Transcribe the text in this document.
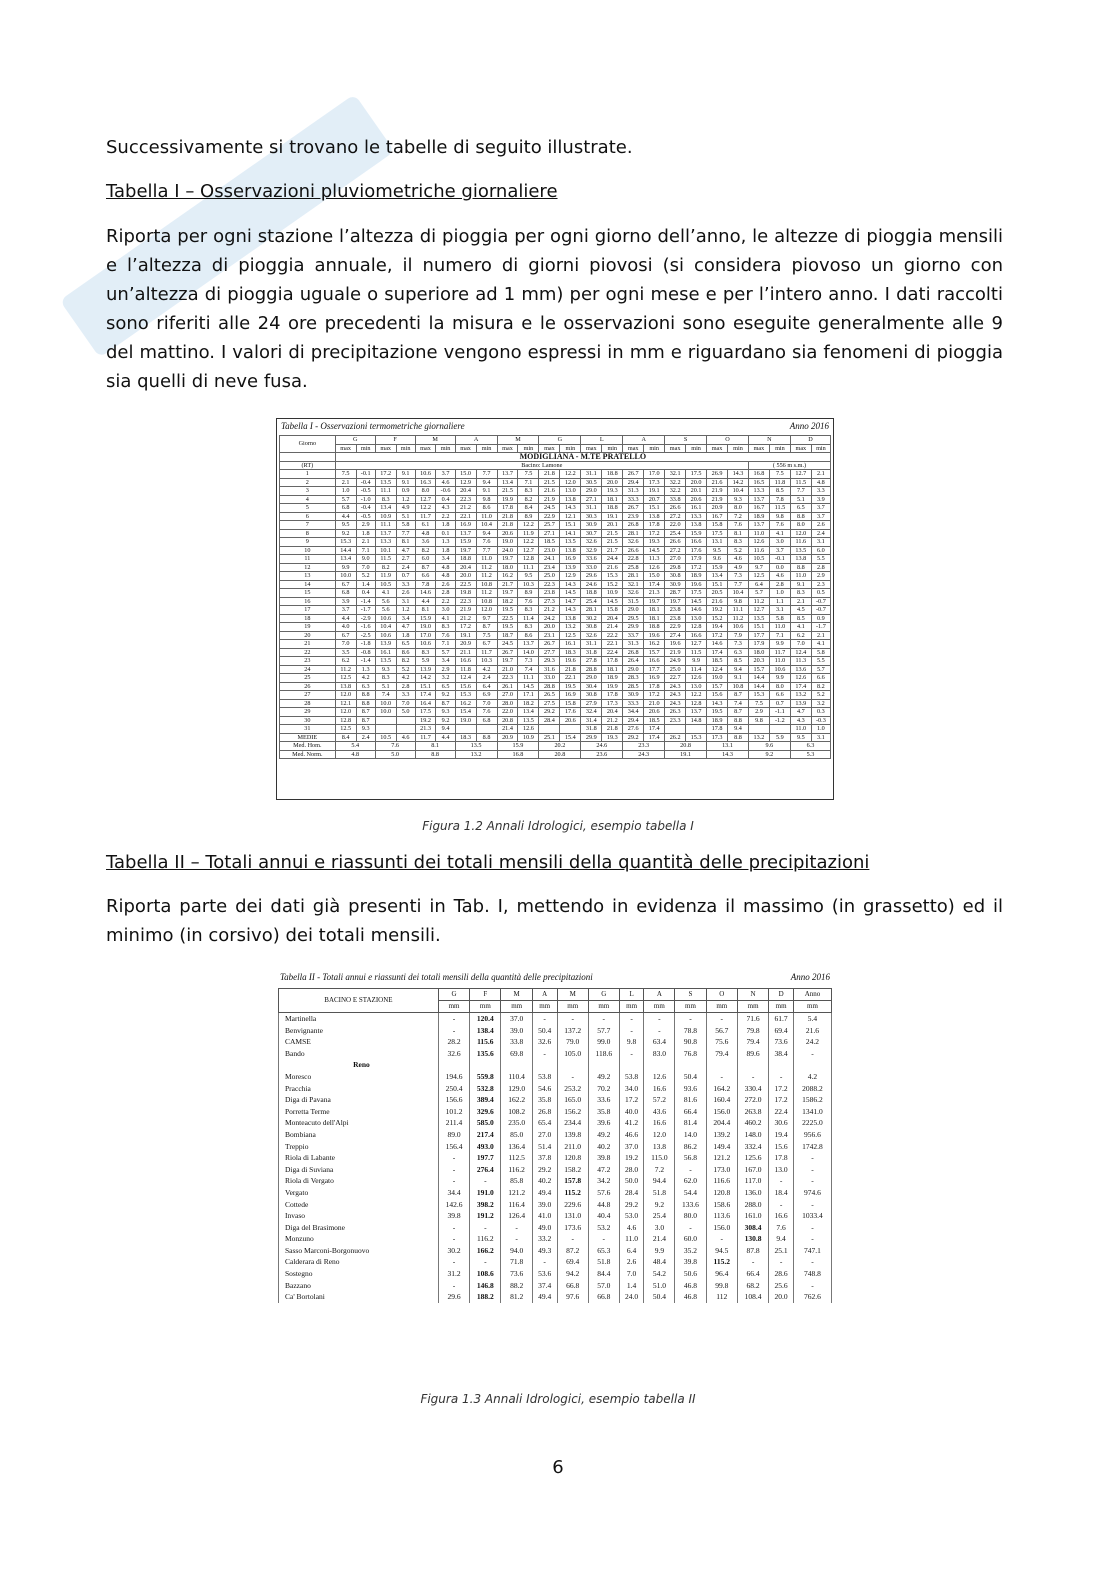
Successivamente si trovano le tabelle di seguito illustrate.
Tabella I – Osservazioni pluviometriche giornaliere
Riporta per ogni stazione l’altezza di pioggia per ogni giorno dell’anno, le altezze di pioggia mensili e l’altezza di pioggia annuale, il numero di giorni piovosi (si considera piovoso un giorno con un’altezza di pioggia uguale o superiore ad 1 mm) per ogni mese e per l’intero anno. I dati raccolti sono riferiti alle 24 ore precedenti la misura e le osservazioni sono eseguite generalmente alle 9 del mattino. I valori di precipitazione vengono espressi in mm e riguardano sia fenomeni di pioggia sia quelli di neve fusa.
Tabella I - Osservazioni termometriche giornaliere	Anno 2016
Giorno	G		F		M		A		M		G		L		A		S		O		N		D	
	max	min	max	min	max	min	max	min	max	min	max	min	max	min	max	min	max	min	max	min	max	min	max	min
	MODIGLIANA - M.TE PRATELLO																							
(RT)	Bacino: Lamone																				( 556 m s.m.)			
1	7.5	-0.1	17.2	9.1	10.6	3.7	15.0	7.7	13.7	7.5	21.8	12.2	31.1	18.8	26.7	17.0	32.1	17.5	26.9	14.3	16.8	7.5	12.7	2.1
2	2.1	-0.4	13.5	9.1	16.3	4.6	12.9	9.4	13.4	7.1	21.5	12.0	30.5	20.0	29.4	17.3	32.2	20.0	21.6	14.2	16.5	11.8	11.5	4.8
3	1.0	-0.5	11.1	0.9	8.0	-0.6	20.4	9.1	21.5	8.3	21.6	13.0	29.0	19.3	31.3	19.1	32.2	20.1	21.9	10.4	13.3	8.5	7.7	3.3
4	5.7	-1.0	8.3	1.2	12.7	0.4	22.3	9.8	19.9	8.2	21.9	13.8	27.1	18.1	33.3	20.7	33.8	20.6	21.9	9.3	13.7	7.8	5.1	3.9
5	6.8	-0.4	13.4	4.9	12.2	4.3	21.2	8.6	17.8	8.4	24.5	14.3	31.1	18.8	26.7	15.1	26.6	16.1	20.9	8.0	16.7	11.5	6.5	3.7
6	4.4	-0.5	10.9	5.1	11.7	2.2	22.1	11.0	21.8	8.9	22.9	12.1	30.3	19.1	23.9	13.8	27.2	13.3	16.7	7.2	18.9	9.8	8.8	3.7
7	9.5	2.9	11.1	5.8	6.1	1.8	16.9	10.4	21.8	12.2	25.7	15.1	30.9	20.1	26.8	17.8	22.0	13.8	15.8	7.6	13.7	7.6	8.0	2.6
8	9.2	1.8	13.7	7.7	4.8	0.1	13.7	9.4	20.6	11.9	27.1	14.1	30.7	21.5	28.1	17.2	25.4	15.9	17.5	8.1	11.0	4.1	12.0	2.4
9	15.3	2.1	13.3	8.1	3.6	1.3	15.9	7.6	19.0	12.2	18.5	13.5	32.6	21.5	32.6	19.3	26.6	16.6	13.1	8.3	12.6	3.0	11.6	3.1
10	14.4	7.1	10.1	4.7	8.2	1.8	19.7	7.7	24.0	12.7	23.0	13.8	32.9	21.7	26.6	14.5	27.2	17.6	9.5	5.2	11.6	3.7	13.5	6.0
11	13.4	9.0	11.5	2.7	6.0	3.4	18.8	11.0	19.7	12.8	24.1	16.9	33.6	24.4	22.8	11.3	27.0	17.9	9.6	4.6	10.5	-0.1	13.8	5.5
12	9.9	7.0	8.2	2.4	8.7	4.8	20.4	11.2	18.0	11.1	23.4	13.9	33.0	21.6	25.8	12.6	29.8	17.2	15.9	4.9	9.7	0.0	8.8	2.8
13	10.0	5.2	11.9	0.7	6.6	4.8	20.0	11.2	16.2	9.5	25.0	12.9	29.6	15.3	28.1	15.0	30.8	18.9	13.4	7.3	12.5	4.6	11.0	2.9
14	6.7	1.4	10.5	3.3	7.8	2.6	22.5	10.8	21.7	10.3	22.3	14.3	24.6	15.2	32.1	17.4	30.9	19.6	15.1	7.7	6.4	2.8	9.1	2.3
15	6.8	0.4	4.1	2.6	14.6	2.8	19.8	11.2	19.7	8.9	23.8	14.5	18.8	10.9	32.6	21.3	28.7	17.5	20.5	10.4	5.7	1.0	8.3	0.5
16	3.9	-1.4	5.6	3.1	4.4	2.2	22.3	10.8	18.2	7.6	27.3	14.7	25.4	14.5	31.5	19.7	19.7	14.5	21.6	9.8	11.2	1.1	2.1	-0.7
17	3.7	-1.7	5.6	1.2	8.1	3.0	21.9	12.0	19.5	8.3	21.2	14.3	28.1	15.8	29.0	18.1	23.8	14.6	19.2	11.1	12.7	3.1	4.5	-0.7
18	4.4	-2.9	10.6	3.4	15.9	4.1	21.2	9.7	22.5	11.4	24.2	13.8	30.2	20.4	29.5	18.1	23.8	13.0	15.2	11.2	13.5	5.8	8.5	0.9
19	4.0	-1.6	10.4	4.7	19.0	8.3	17.2	8.7	19.5	8.3	20.0	13.2	30.8	21.4	29.9	18.8	22.9	12.8	19.4	10.6	15.1	11.0	4.1	-1.7
20	6.7	-2.5	10.6	1.8	17.0	7.6	19.1	7.5	18.7	8.6	23.1	12.5	32.6	22.2	33.7	19.6	27.4	16.6	17.2	7.9	17.7	7.1	6.2	2.1
21	7.0	-1.8	13.9	6.5	10.6	7.1	20.9	6.7	24.5	13.7	26.7	16.1	31.1	22.1	31.3	16.2	19.6	12.7	14.6	7.3	17.9	9.9	7.0	4.1
22	3.5	-0.8	16.1	8.6	8.3	5.7	21.1	11.7	26.7	14.0	27.7	18.3	31.8	22.4	26.8	15.7	21.9	11.5	17.4	6.3	18.0	11.7	12.4	5.8
23	6.2	-1.4	13.5	8.2	5.9	3.4	16.6	10.3	19.7	7.3	29.3	19.6	27.8	17.8	26.4	16.6	24.9	9.9	18.5	8.5	20.3	11.0	11.3	5.5
24	11.2	1.3	9.3	5.2	13.9	2.9	11.8	4.2	21.0	7.4	31.6	21.8	28.8	18.1	29.0	17.7	25.0	11.4	12.4	9.4	15.7	10.6	13.6	5.7
25	12.5	4.2	8.3	4.2	14.2	3.2	12.4	2.4	22.3	11.1	33.0	22.1	29.0	18.9	28.3	16.9	22.7	12.6	19.0	9.1	14.4	9.9	12.6	6.6
26	13.8	6.3	5.1	2.8	15.1	6.5	15.6	6.4	26.1	14.5	28.8	19.5	30.4	19.9	28.5	17.8	24.3	13.0	15.7	10.8	14.4	8.0	17.4	8.2
27	12.0	8.8	7.4	3.3	17.4	9.2	15.3	6.9	27.0	17.1	26.5	16.9	30.8	17.8	30.9	17.2	24.3	12.2	15.6	8.7	15.3	6.6	13.2	5.2
28	12.1	8.8	10.0	7.0	16.4	8.7	16.2	7.0	28.0	18.2	27.5	15.8	27.9	17.3	33.3	21.0	24.3	12.8	14.3	7.4	7.5	0.7	13.9	3.2
29	12.0	8.7	10.0	5.0	17.5	9.3	15.4	7.6	22.0	13.4	29.2	17.6	32.4	20.4	34.4	20.6	26.3	13.7	19.5	8.7	2.9	-1.1	4.7	0.3
30	12.8	8.7			19.2	9.2	19.0	6.8	20.8	13.5	28.4	20.6	31.4	21.2	29.4	18.5	23.3	14.8	18.9	8.8	9.8	-1.2	4.3	-0.3
31	12.5	9.3			21.3	9.4			21.4	12.6			31.8	21.8	27.6	17.4			17.8	9.4			11.0	1.0
MEDIE	8.4	2.4	10.5	4.6	11.7	4.4	18.3	8.8	20.9	10.9	25.1	15.4	29.9	19.3	29.2	17.4	26.2	15.3	17.3	8.8	13.2	5.9	9.5	3.1
Med. Hom.	5.4		7.6		8.1		13.5		15.9		20.2		24.6		23.3		20.8		13.1		9.6		6.3	
Med. Norm.	4.8		5.0		8.8		13.2		16.8		20.8		23.6		24.3		19.1		14.3		9.2		5.3	
Figura 1.2 Annali Idrologici, esempio tabella I
Tabella II – Totali annui e riassunti dei totali mensili della quantità delle precipitazioni
Riporta parte dei dati già presenti in Tab. I, mettendo in evidenza il massimo (in grassetto) ed il minimo (in corsivo) dei totali mensili.
Tabella II - Totali annui e riassunti dei totali mensili della quantità delle precipitazioni	Anno 2016
BACINO E STAZIONE	G	F	M	A	M	G	L	A	S	O	N	D	Anno
	mm	mm	mm	mm	mm	mm	mm	mm	mm	mm	mm	mm	mm
Martinella	-	120.4	37.0	-	-	-	-	-	-	-	71.6	61.7	5.4
Benvignante	-	138.4	39.0	50.4	137.2	57.7	-	-	78.8	56.7	79.8	69.4	21.6
CAMSE	28.2	115.6	33.8	32.6	79.0	99.0	9.8	63.4	90.8	75.6	79.4	73.6	24.2
Bando	32.6	135.6	69.8	-	105.0	118.6	-	83.0	76.8	79.4	89.6	38.4	-
Reno													

Moresco	194.6	559.8	110.4	53.8	-	49.2	53.8	12.6	50.4	-	-	-	4.2
Pracchia	250.4	532.8	129.0	54.6	253.2	70.2	34.0	16.6	93.6	164.2	330.4	17.2	2088.2
Diga di Pavana	156.6	389.4	162.2	35.8	165.0	33.6	17.2	57.2	81.6	160.4	272.0	17.2	1586.2
Porretta Terme	101.2	329.6	108.2	26.8	156.2	35.8	40.0	43.6	66.4	156.0	263.8	22.4	1341.0
Monteacuto dell'Alpi	211.4	585.0	235.0	65.4	234.4	39.6	41.2	16.6	81.4	204.4	460.2	30.6	2225.0
Bombiana	89.0	217.4	85.0	27.0	139.8	49.2	46.6	12.0	14.0	139.2	148.0	19.4	956.6
Treppio	156.4	493.0	136.4	51.4	211.0	40.2	37.0	13.8	86.2	149.4	332.4	15.6	1742.8
Riola di Labante	-	197.7	112.5	37.8	120.8	39.8	19.2	115.0	56.8	121.2	125.6	17.8	-
Diga di Suviana	-	276.4	116.2	29.2	158.2	47.2	28.0	7.2	-	173.0	167.0	13.0	-
Riola di Vergato	-	-	85.8	40.2	157.8	34.2	50.0	94.4	62.0	116.6	117.0	-	-
Vergato	34.4	191.0	121.2	49.4	115.2	57.6	28.4	51.8	54.4	120.8	136.0	18.4	974.6
Cottede	142.6	398.2	116.4	39.0	229.6	44.8	29.2	9.2	133.6	158.6	288.0	-	-
Invaso	39.8	191.2	126.4	41.0	131.0	40.4	53.0	25.4	80.0	113.6	161.0	16.6	1033.4
Diga del Brasimone	-	-	-	49.0	173.6	53.2	4.6	3.0	-	156.0	308.4	7.6	-
Monzuno	-	116.2	-	33.2	-	-	11.0	21.4	60.0	-	130.8	9.4	-
Sasso Marconi-Borgonuovo	30.2	166.2	94.0	49.3	87.2	65.3	6.4	9.9	35.2	94.5	87.8	25.1	747.1
Calderara di Reno	-	-	71.8	-	69.4	51.8	2.6	48.4	39.8	115.2	-	-	-
Sostegno	31.2	108.6	73.6	53.6	94.2	84.4	7.0	54.2	50.6	96.4	66.4	28.6	748.8
Bazzano	-	146.8	88.2	37.4	66.8	57.0	1.4	51.0	46.8	99.8	68.2	25.6	-
Ca' Bortolani	29.6	188.2	81.2	49.4	97.6	66.8	24.0	50.4	46.8	112	108.4	20.0	762.6
Figura 1.3 Annali Idrologici, esempio tabella II
6
